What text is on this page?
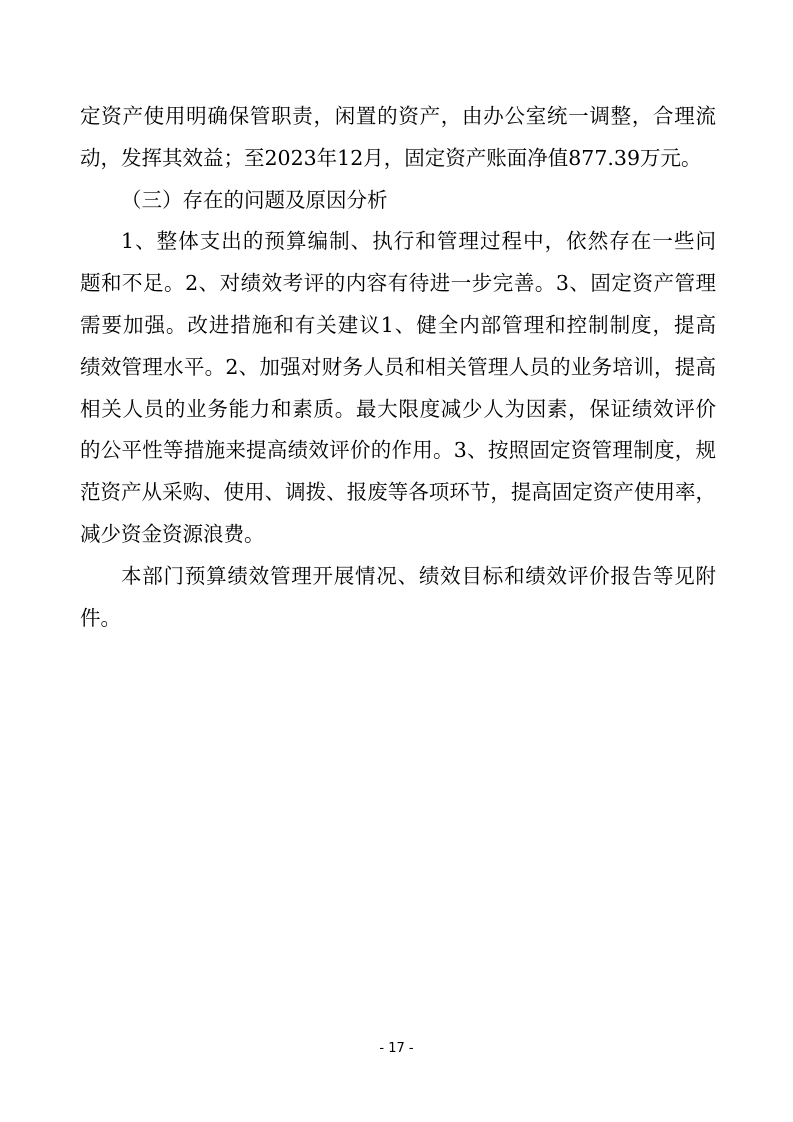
定资产使用明确保管职责，闲置的资产，由办公室统一调整，合理流
动，发挥其效益；至2023年12月，固定资产账面净值877.39万元。
（三）存在的问题及原因分析
1、整体支出的预算编制、执行和管理过程中，依然存在一些问
题和不足。2、对绩效考评的内容有待进一步完善。3、固定资产管理
需要加强。改进措施和有关建议1、健全内部管理和控制制度，提高
绩效管理水平。2、加强对财务人员和相关管理人员的业务培训，提高
相关人员的业务能力和素质。最大限度减少人为因素，保证绩效评价
的公平性等措施来提高绩效评价的作用。3、按照固定资管理制度，规
范资产从采购、使用、调拨、报废等各项环节，提高固定资产使用率，
减少资金资源浪费。
本部门预算绩效管理开展情况、绩效目标和绩效评价报告等见附
件。
- 17 -
